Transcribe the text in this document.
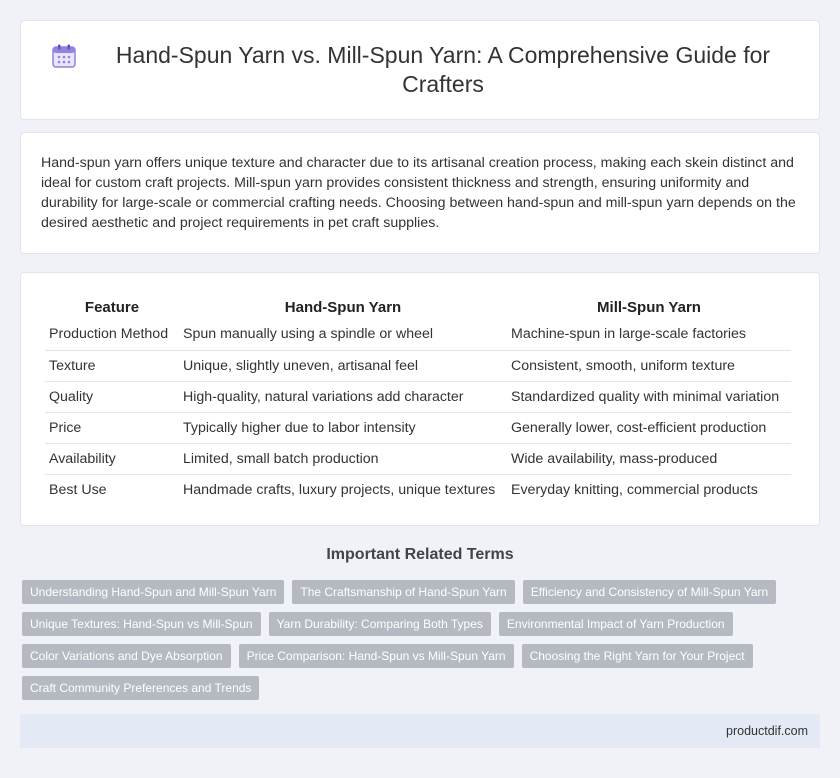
Hand-Spun Yarn vs. Mill-Spun Yarn: A Comprehensive Guide for Crafters

Hand-spun yarn offers unique texture and character due to its artisanal creation process, making each skein distinct and ideal for custom craft projects. Mill-spun yarn provides consistent thickness and strength, ensuring uniformity and durability for large-scale or commercial crafting needs. Choosing between hand-spun and mill-spun yarn depends on the desired aesthetic and project requirements in pet craft supplies.

Feature	Hand-Spun Yarn	Mill-Spun Yarn
Production Method	Spun manually using a spindle or wheel	Machine-spun in large-scale factories
Texture	Unique, slightly uneven, artisanal feel	Consistent, smooth, uniform texture
Quality	High-quality, natural variations add character	Standardized quality with minimal variation
Price	Typically higher due to labor intensity	Generally lower, cost-efficient production
Availability	Limited, small batch production	Wide availability, mass-produced
Best Use	Handmade crafts, luxury projects, unique textures	Everyday knitting, commercial products
Important Related Terms
Understanding Hand-Spun and Mill-Spun Yarn	The Craftsmanship of Hand-Spun Yarn	Efficiency and Consistency of Mill-Spun Yarn
Unique Textures: Hand-Spun vs Mill-Spun	Yarn Durability: Comparing Both Types	Environmental Impact of Yarn Production
Color Variations and Dye Absorption	Price Comparison: Hand-Spun vs Mill-Spun Yarn	Choosing the Right Yarn for Your Project
Craft Community Preferences and Trends
productdif.com
